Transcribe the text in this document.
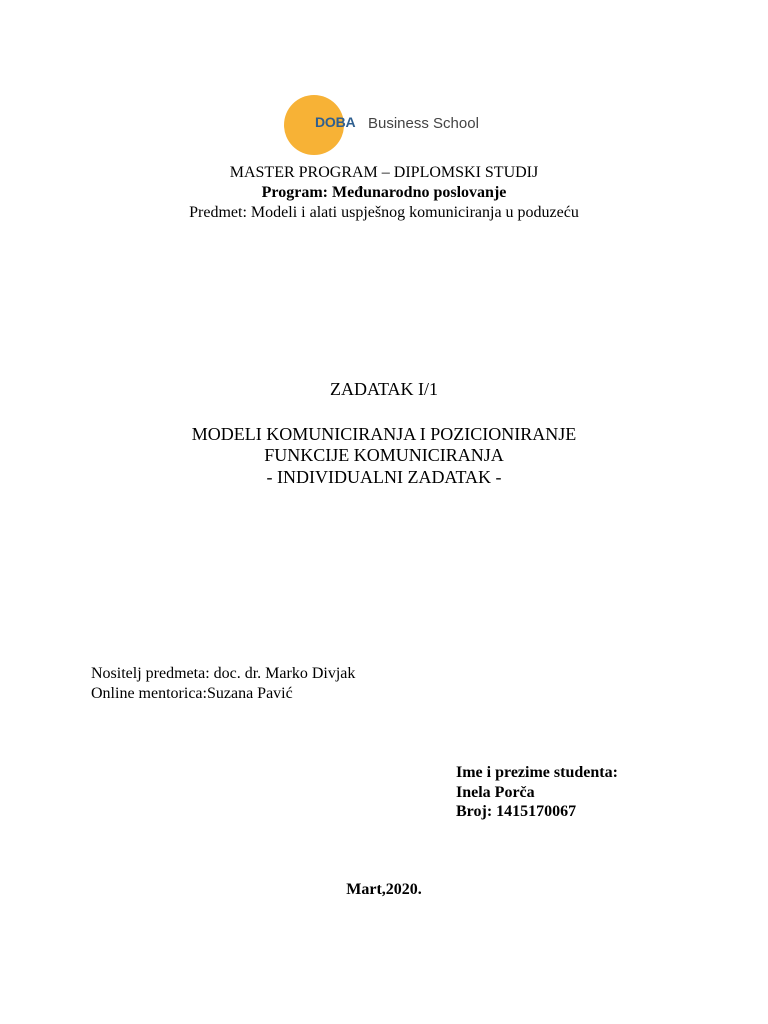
DOBA Business School
MASTER PROGRAM – DIPLOMSKI STUDIJ
Program: Međunarodno poslovanje
Predmet: Modeli i alati uspješnog komuniciranja u poduzeću
ZADATAK I/1
MODELI KOMUNICIRANJA I POZICIONIRANJE
FUNKCIJE KOMUNICIRANJA
- INDIVIDUALNI ZADATAK -
Nositelj predmeta: doc. dr. Marko Divjak
Online mentorica:Suzana Pavić
Ime i prezime studenta:
Inela Porča
Broj: 1415170067
Mart,2020.
